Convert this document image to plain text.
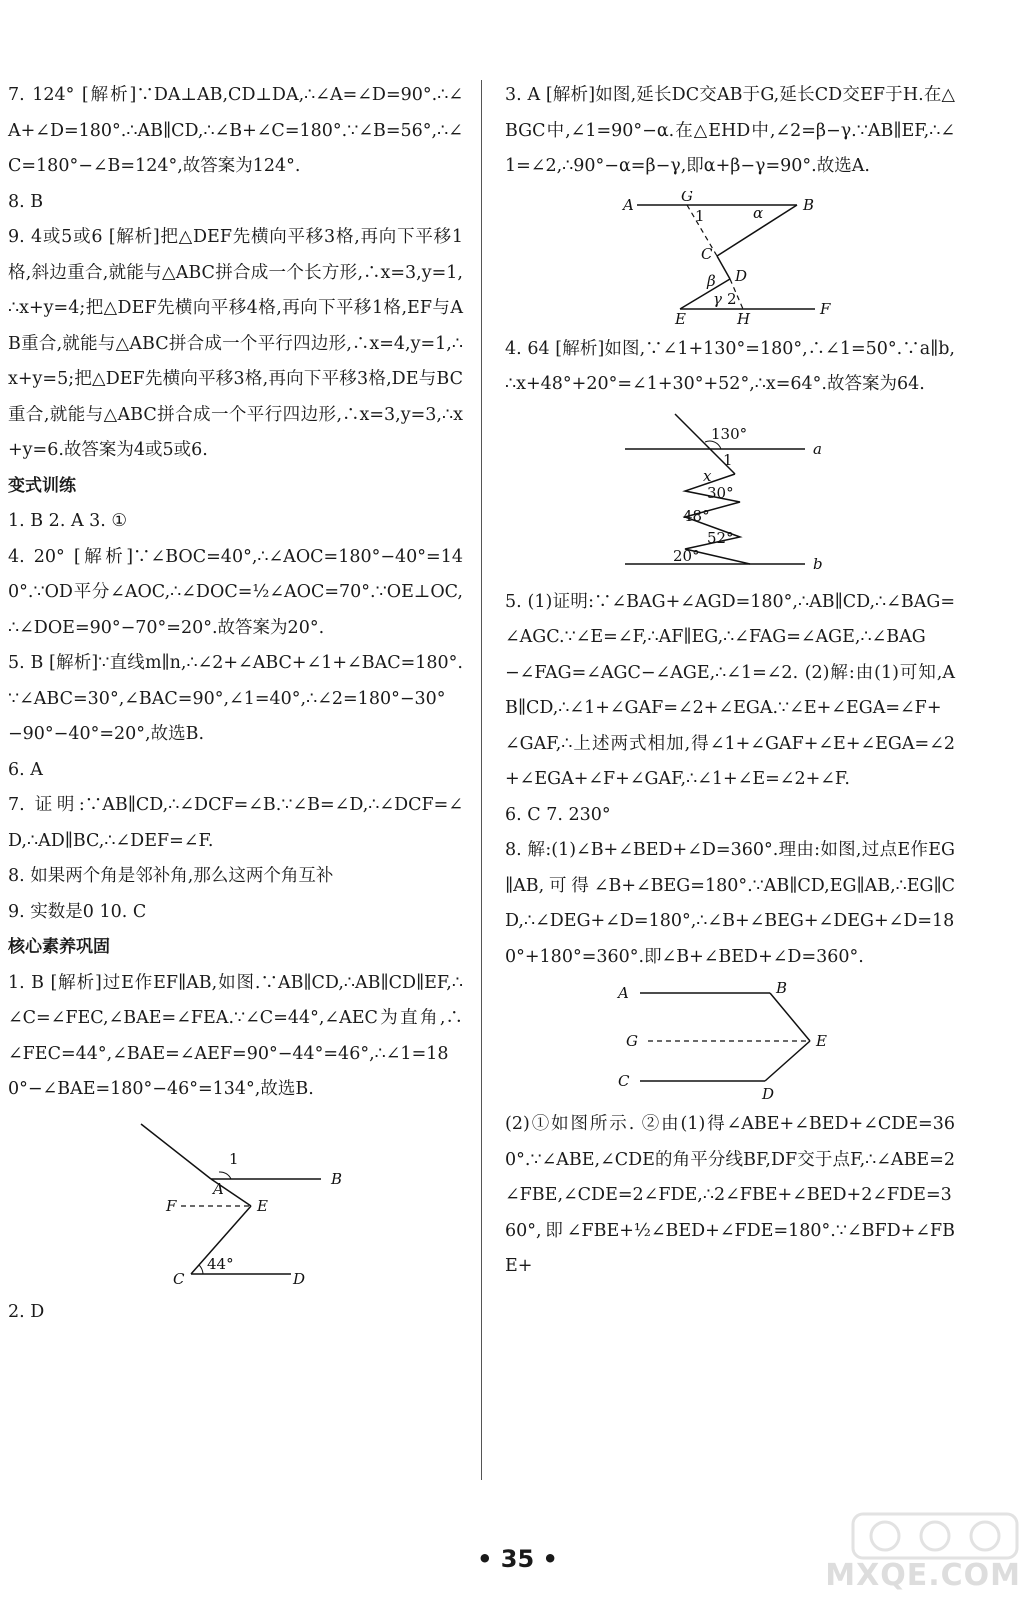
7. 124° [解析]∵DA⊥AB,CD⊥DA,∴∠A=∠D=90°.∴∠A+∠D=180°.∴AB∥CD,∴∠B+∠C=180°.∵∠B=56°,∴∠C=180°−∠B=124°,故答案为124°.

8. B

9. 4或5或6 [解析]把△DEF先横向平移3格,再向下平移1格,斜边重合,就能与△ABC拼合成一个长方形,∴x=3,y=1,∴x+y=4;把△DEF先横向平移4格,再向下平移1格,EF与AB重合,就能与△ABC拼合成一个平行四边形,∴x=4,y=1,∴x+y=5;把△DEF先横向平移3格,再向下平移3格,DE与BC重合,就能与△ABC拼合成一个平行四边形,∴x=3,y=3,∴x+y=6.故答案为4或5或6.

变式训练

1. B 2. A 3. ①

4. 20° [解析]∵∠BOC=40°,∴∠AOC=180°−40°=140°.∵OD平分∠AOC,∴∠DOC=½∠AOC=70°.∵OE⊥OC,∴∠DOE=90°−70°=20°.故答案为20°.

5. B [解析]∵直线m∥n,∴∠2+∠ABC+∠1+∠BAC=180°.∵∠ABC=30°,∠BAC=90°,∠1=40°,∴∠2=180°−30°−90°−40°=20°,故选B.

6. A

7. 证明:∵AB∥CD,∴∠DCF=∠B.∵∠B=∠D,∴∠DCF=∠D,∴AD∥BC,∴∠DEF=∠F.

8. 如果两个角是邻补角,那么这两个角互补

9. 实数是0 10. C

核心素养巩固

1. B [解析]过E作EF∥AB,如图.∵AB∥CD,∴AB∥CD∥EF,∴∠C=∠FEC,∠BAE=∠FEA.∵∠C=44°,∠AEC为直角,∴∠FEC=44°,∠BAE=∠AEF=90°−44°=46°,∴∠1=180°−∠BAE=180°−46°=134°,故选B.

1
A
B
F	E
C	D
44°

2. D

3. A [解析]如图,延长DC交AB于G,延长CD交EF于H.在△BGC中,∠1=90°−α.在△EHD中,∠2=β−γ.∵AB∥EF,∴∠1=∠2,∴90°−α=β−γ,即α+β−γ=90°.故选A.

A	G
1	α	B
C
β D
γ 2
E	H
F

4. 64 [解析]如图,∵∠1+130°=180°,∴∠1=50°.∵a∥b,∴x+48°+20°=∠1+30°+52°,∴x=64°.故答案为64.

130°
1
a
x
30°
48°
52°
20°	b

5. (1)证明:∵∠BAG+∠AGD=180°,∴AB∥CD,∴∠BAG=∠AGC.∵∠E=∠F,∴AF∥EG,∴∠FAG=∠AGE,∴∠BAG−∠FAG=∠AGC−∠AGE,∴∠1=∠2. (2)解:由(1)可知,AB∥CD,∴∠1+∠GAF=∠2+∠EGA.∵∠E+∠EGA=∠F+∠GAF,∴上述两式相加,得∠1+∠GAF+∠E+∠EGA=∠2+∠EGA+∠F+∠GAF,∴∠1+∠E=∠2+∠F.

6. C 7. 230°

8. 解:(1)∠B+∠BED+∠D=360°.理由:如图,过点E作EG∥AB,可得∠B+∠BEG=180°.∵AB∥CD,EG∥AB,∴EG∥CD,∴∠DEG+∠D=180°,∴∠B+∠BEG+∠DEG+∠D=180°+180°=360°.即∠B+∠BED+∠D=360°.

A	B
G	E
C
D

(2)①如图所示. ②由(1)得∠ABE+∠BED+∠CDE=360°.∵∠ABE,∠CDE的角平分线BF,DF交于点F,∴∠ABE=2∠FBE,∠CDE=2∠FDE,∴2∠FBE+∠BED+2∠FDE=360°,即∠FBE+½∠BED+∠FDE=180°.∵∠BFD+∠FBE+

• 35 •	MXQE.COM
